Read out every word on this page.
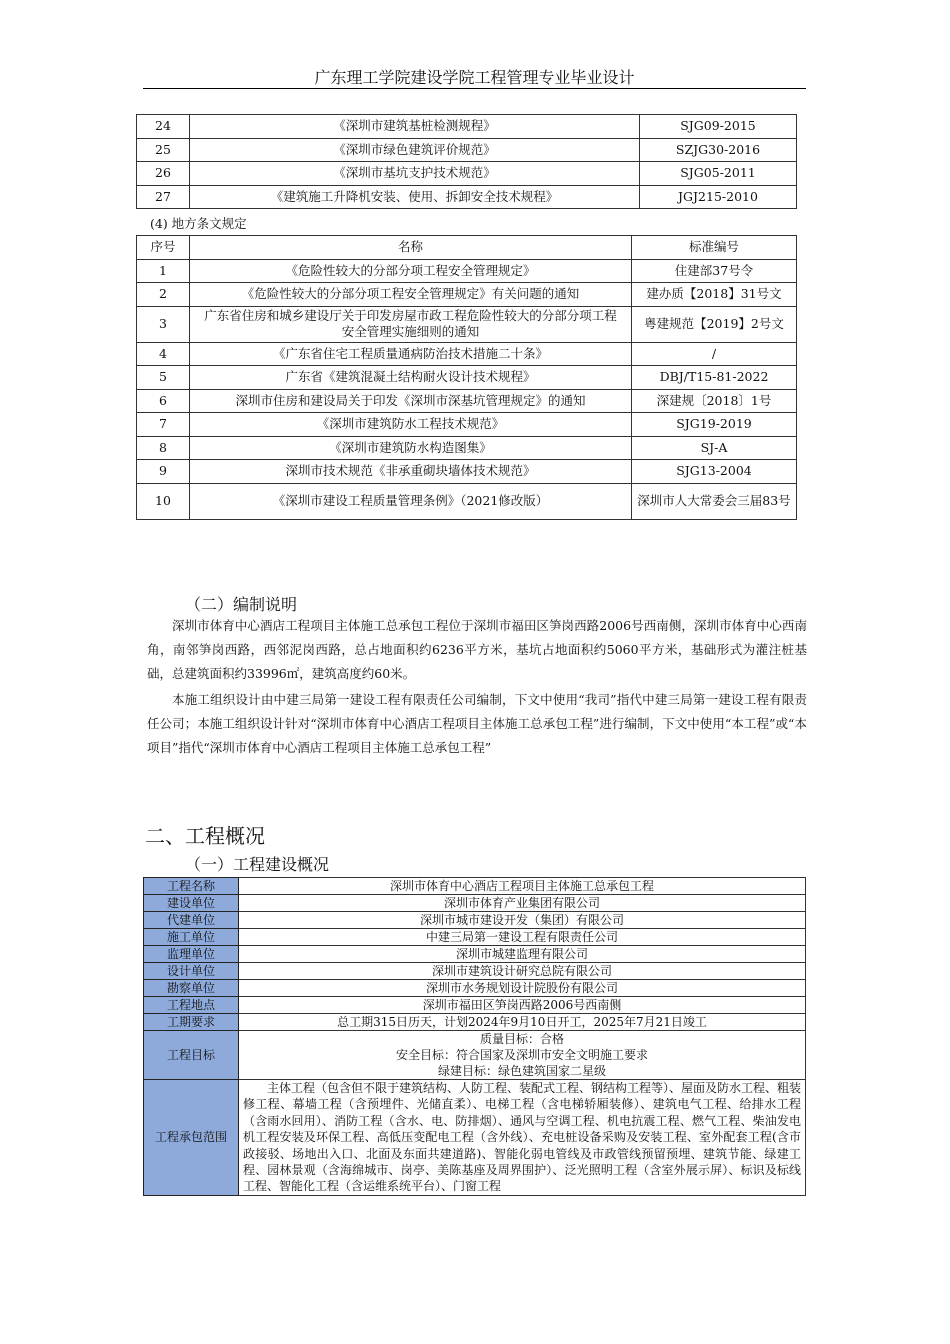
广东理工学院建设学院工程管理专业毕业设计
24	《深圳市建筑基桩检测规程》	SJG09-2015
25	《深圳市绿色建筑评价规范》	SZJG30-2016
26	《深圳市基坑支护技术规范》	SJG05-2011
27	《建筑施工升降机安装、使用、拆卸安全技术规程》	JGJ215-2010
(4) 地方条文规定
序号	名称	标准编号
1	《危险性较大的分部分项工程安全管理规定》	住建部37号令
2	《危险性较大的分部分项工程安全管理规定》有关问题的通知	建办质【2018】31号文
3	广东省住房和城乡建设厅关于印发房屋市政工程危险性较大的分部分项工程安全管理实施细则的通知	粤建规范【2019】2号文
4	《广东省住宅工程质量通病防治技术措施二十条》	/
5	广东省《建筑混凝土结构耐火设计技术规程》	DBJ/T15-81-2022
6	深圳市住房和建设局关于印发《深圳市深基坑管理规定》的通知	深建规〔2018〕1号
7	《深圳市建筑防水工程技术规范》	SJG19-2019
8	《深圳市建筑防水构造图集》	SJ-A
9	深圳市技术规范《非承重砌块墙体技术规范》	SJG13-2004
10	《深圳市建设工程质量管理条例》（2021修改版）	深圳市人大常委会三届83号
（二）编制说明

深圳市体育中心酒店工程项目主体施工总承包工程位于深圳市福田区笋岗西路2006号西南侧，深圳市体育中心西南角，南邻笋岗西路，西邻泥岗西路，总占地面积约6236平方米，基坑占地面积约5060平方米，基础形式为灌注桩基础，总建筑面积约33996㎡，建筑高度约60米。

本施工组织设计由中建三局第一建设工程有限责任公司编制，下文中使用“我司”指代中建三局第一建设工程有限责任公司；本施工组织设计针对“深圳市体育中心酒店工程项目主体施工总承包工程”进行编制，下文中使用“本工程”或“本项目”指代“深圳市体育中心酒店工程项目主体施工总承包工程”

二、工程概况
（一）工程建设概况
工程名称	深圳市体育中心酒店工程项目主体施工总承包工程
建设单位	深圳市体育产业集团有限公司
代建单位	深圳市城市建设开发（集团）有限公司
施工单位	中建三局第一建设工程有限责任公司
监理单位	深圳市城建监理有限公司
设计单位	深圳市建筑设计研究总院有限公司
勘察单位	深圳市水务规划设计院股份有限公司
工程地点	深圳市福田区笋岗西路2006号西南侧
工期要求	总工期315日历天，计划2024年9月10日开工，2025年7月21日竣工
工程目标	质量目标：合格
安全目标：符合国家及深圳市安全文明施工要求
绿建目标：绿色建筑国家二星级

工程承包范围	主体工程（包含但不限于建筑结构、人防工程、装配式工程、钢结构工程等）、屋面及防水工程、粗装修工程、幕墙工程（含预埋件、光储直柔）、电梯工程（含电梯轿厢装修）、建筑电气工程、给排水工程（含雨水回用）、消防工程（含水、电、防排烟）、通风与空调工程、机电抗震工程、燃气工程、柴油发电机工程安装及环保工程、高低压变配电工程（含外线）、充电桩设备采购及安装工程、室外配套工程(含市政接驳、场地出入口、北面及东面共建道路)、智能化弱电管线及市政管线预留预埋、建筑节能、绿建工程、园林景观（含海绵城市、岗亭、美陈基座及周界围护）、泛光照明工程（含室外展示屏）、标识及标线工程、智能化工程（含运维系统平台）、门窗工程
